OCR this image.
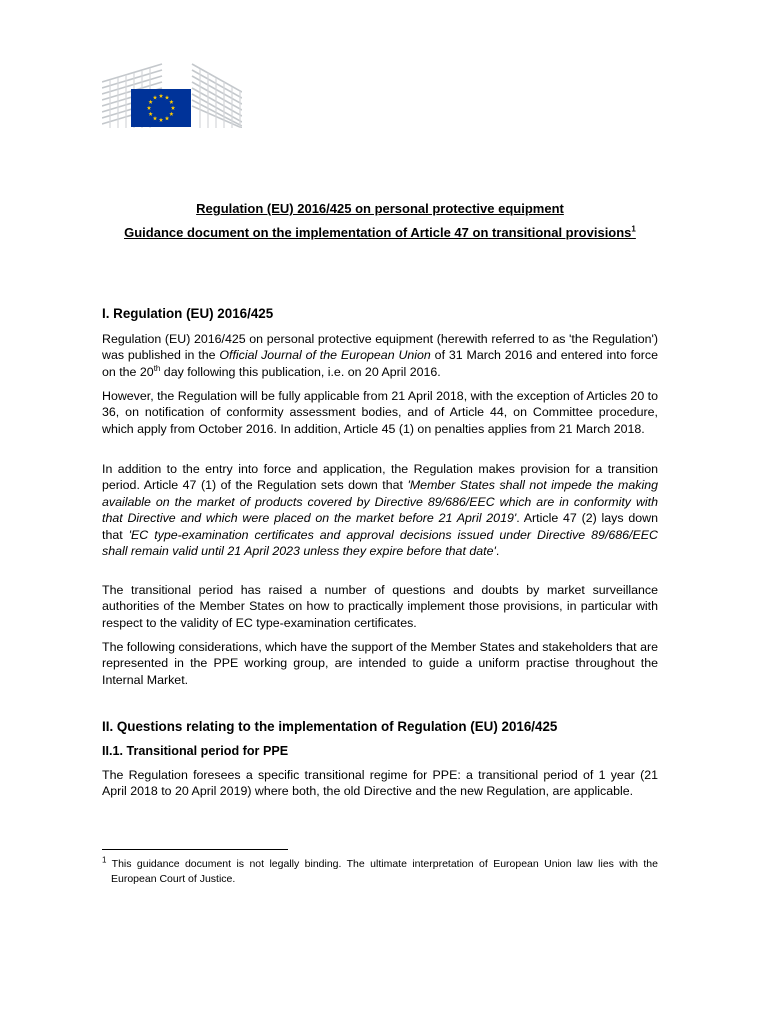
Regulation (EU) 2016/425 on personal protective equipment
Guidance document on the implementation of Article 47 on transitional provisions$^1$
I. Regulation (EU) 2016/425
Regulation (EU) 2016/425 on personal protective equipment (herewith referred to as 'the Regulation') was published in the Official Journal of the European Union of 31 March 2016 and entered into force on the 20th day following this publication, i.e. on 20 April 2016.
However, the Regulation will be fully applicable from 21 April 2018, with the exception of Articles 20 to 36, on notification of conformity assessment bodies, and of Article 44, on Committee procedure, which apply from October 2016. In addition, Article 45 (1) on penalties applies from 21 March 2018.
In addition to the entry into force and application, the Regulation makes provision for a transition period. Article 47 (1) of the Regulation sets down that 'Member States shall not impede the making available on the market of products covered by Directive 89/686/EEC which are in conformity with that Directive and which were placed on the market before 21 April 2019'. Article 47 (2) lays down that 'EC type-examination certificates and approval decisions issued under Directive 89/686/EEC shall remain valid until 21 April 2023 unless they expire before that date'.
The transitional period has raised a number of questions and doubts by market surveillance authorities of the Member States on how to practically implement those provisions, in particular with respect to the validity of EC type-examination certificates.
The following considerations, which have the support of the Member States and stakeholders that are represented in the PPE working group, are intended to guide a uniform practise throughout the Internal Market.
II. Questions relating to the implementation of Regulation (EU) 2016/425
II.1. Transitional period for PPE
The Regulation foresees a specific transitional regime for PPE: a transitional period of 1 year (21 April 2018 to 20 April 2019) where both, the old Directive and the new Regulation, are applicable.
$^1$ This guidance document is not legally binding. The ultimate interpretation of European Union law lies with the European Court of Justice.
